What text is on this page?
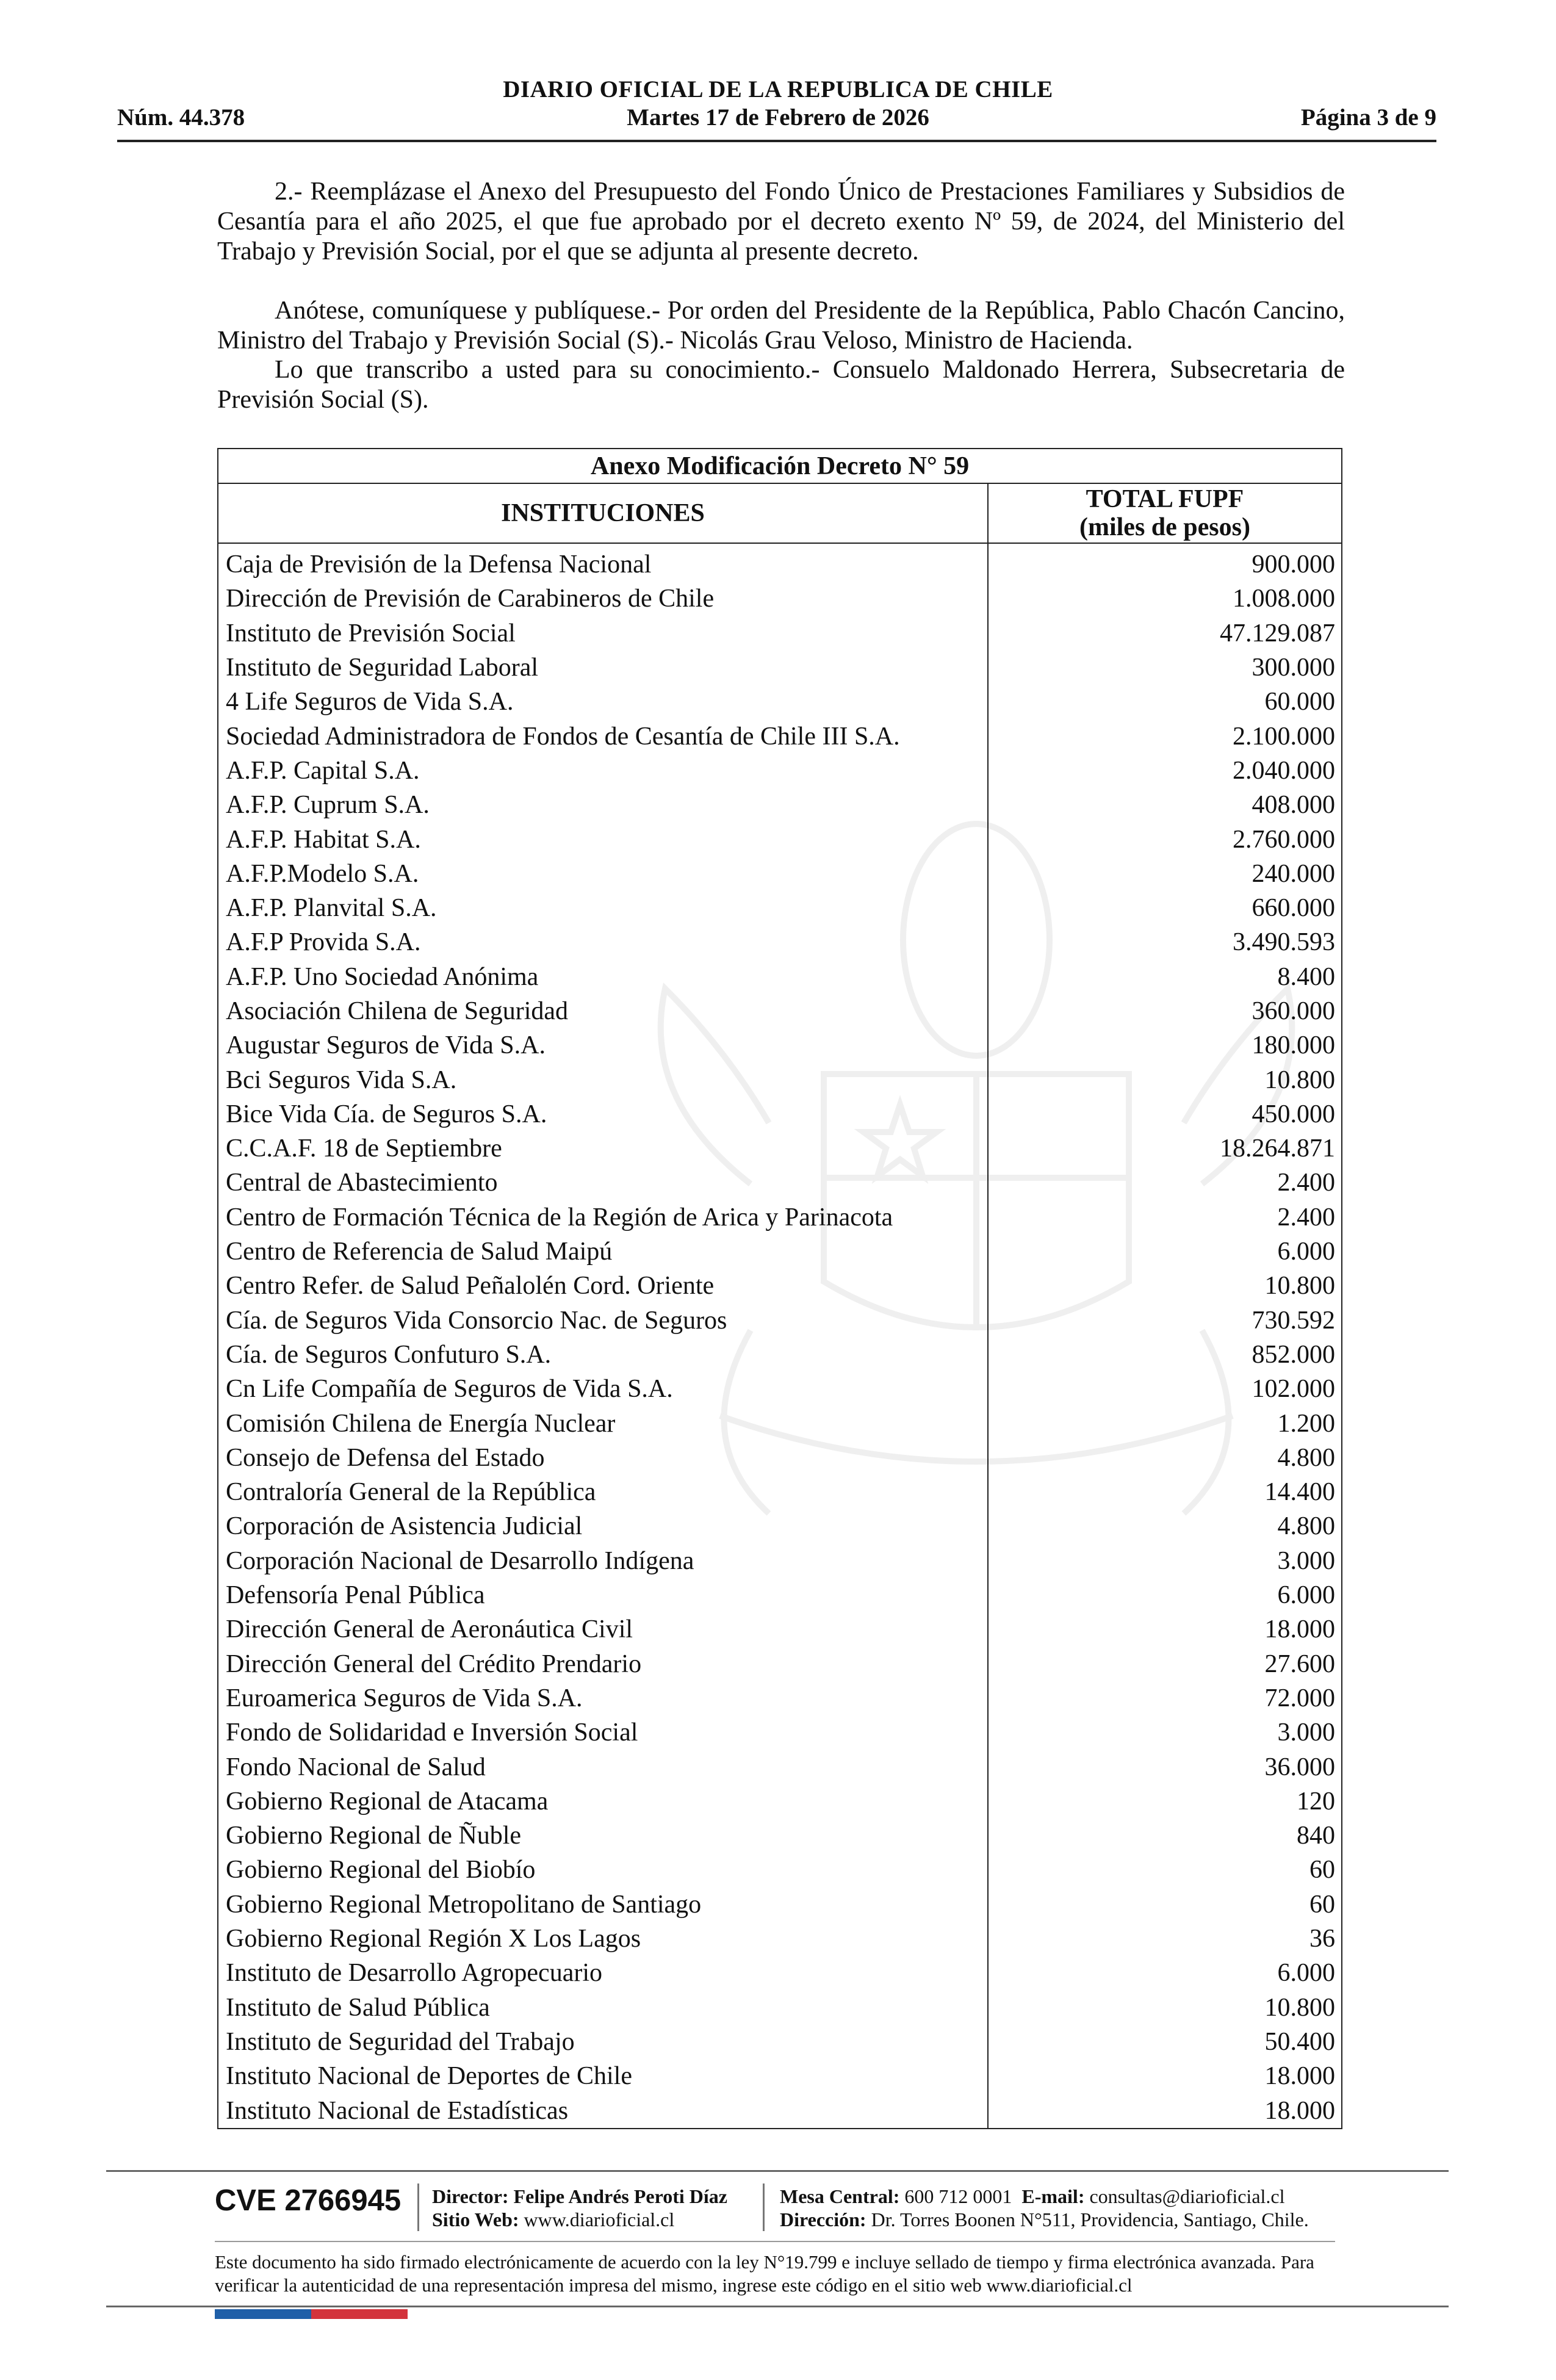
DIARIO OFICIAL DE LA REPUBLICA DE CHILE
Núm. 44.378	Martes 17 de Febrero de 2026	Página 3 de 9
2.- Reemplázase el Anexo del Presupuesto del Fondo Único de Prestaciones Familiares y Subsidios de Cesantía para el año 2025, el que fue aprobado por el decreto exento Nº 59, de 2024, del Ministerio del Trabajo y Previsión Social, por el que se adjunta al presente decreto.
Anótese, comuníquese y publíquese.- Por orden del Presidente de la República, Pablo Chacón Cancino, Ministro del Trabajo y Previsión Social (S).- Nicolás Grau Veloso, Ministro de Hacienda.
Lo que transcribo a usted para su conocimiento.- Consuelo Maldonado Herrera, Subsecretaria de Previsión Social (S).
Anexo Modificación Decreto N° 59	
INSTITUCIONES	TOTAL FUPF
(miles de pesos)

Caja de Previsión de la Defensa Nacional	900.000
Dirección de Previsión de Carabineros de Chile	1.008.000
Instituto de Previsión Social	47.129.087
Instituto de Seguridad Laboral	300.000
4 Life Seguros de Vida S.A.	60.000
Sociedad Administradora de Fondos de Cesantía de Chile III S.A.	2.100.000
A.F.P. Capital S.A.	2.040.000
A.F.P. Cuprum S.A.	408.000
A.F.P. Habitat S.A.	2.760.000
A.F.P.Modelo S.A.	240.000
A.F.P. Planvital S.A.	660.000
A.F.P Provida S.A.	3.490.593
A.F.P. Uno Sociedad Anónima	8.400
Asociación Chilena de Seguridad	360.000
Augustar Seguros de Vida S.A.	180.000
Bci Seguros Vida S.A.	10.800
Bice Vida Cía. de Seguros S.A.	450.000
C.C.A.F. 18 de Septiembre	18.264.871
Central de Abastecimiento	2.400
Centro de Formación Técnica de la Región de Arica y Parinacota	2.400
Centro de Referencia de Salud Maipú	6.000
Centro Refer. de Salud Peñalolén Cord. Oriente	10.800
Cía. de Seguros Vida Consorcio Nac. de Seguros	730.592
Cía. de Seguros Confuturo S.A.	852.000
Cn Life Compañía de Seguros de Vida S.A.	102.000
Comisión Chilena de Energía Nuclear	1.200
Consejo de Defensa del Estado	4.800
Contraloría General de la República	14.400
Corporación de Asistencia Judicial	4.800
Corporación Nacional de Desarrollo Indígena	3.000
Defensoría Penal Pública	6.000
Dirección General de Aeronáutica Civil	18.000
Dirección General del Crédito Prendario	27.600
Euroamerica Seguros de Vida S.A.	72.000
Fondo de Solidaridad e Inversión Social	3.000
Fondo Nacional de Salud	36.000
Gobierno Regional de Atacama	120
Gobierno Regional de Ñuble	840
Gobierno Regional del Biobío	60
Gobierno Regional Metropolitano de Santiago	60
Gobierno Regional Región X Los Lagos	36
Instituto de Desarrollo Agropecuario	6.000
Instituto de Salud Pública	10.800
Instituto de Seguridad del Trabajo	50.400
Instituto Nacional de Deportes de Chile	18.000
Instituto Nacional de Estadísticas	18.000
CVE 2766945 Director: Felipe Andrés Peroti Díaz
Sitio Web: www.diarioficial.cl
Mesa Central: 600 712 0001 E-mail: consultas@diarioficial.cl
Dirección: Dr. Torres Boonen N°511, Providencia, Santiago, Chile.
Este documento ha sido firmado electrónicamente de acuerdo con la ley N°19.799 e incluye sellado de tiempo y firma electrónica avanzada. Para verificar la autenticidad de una representación impresa del mismo, ingrese este código en el sitio web www.diarioficial.cl
